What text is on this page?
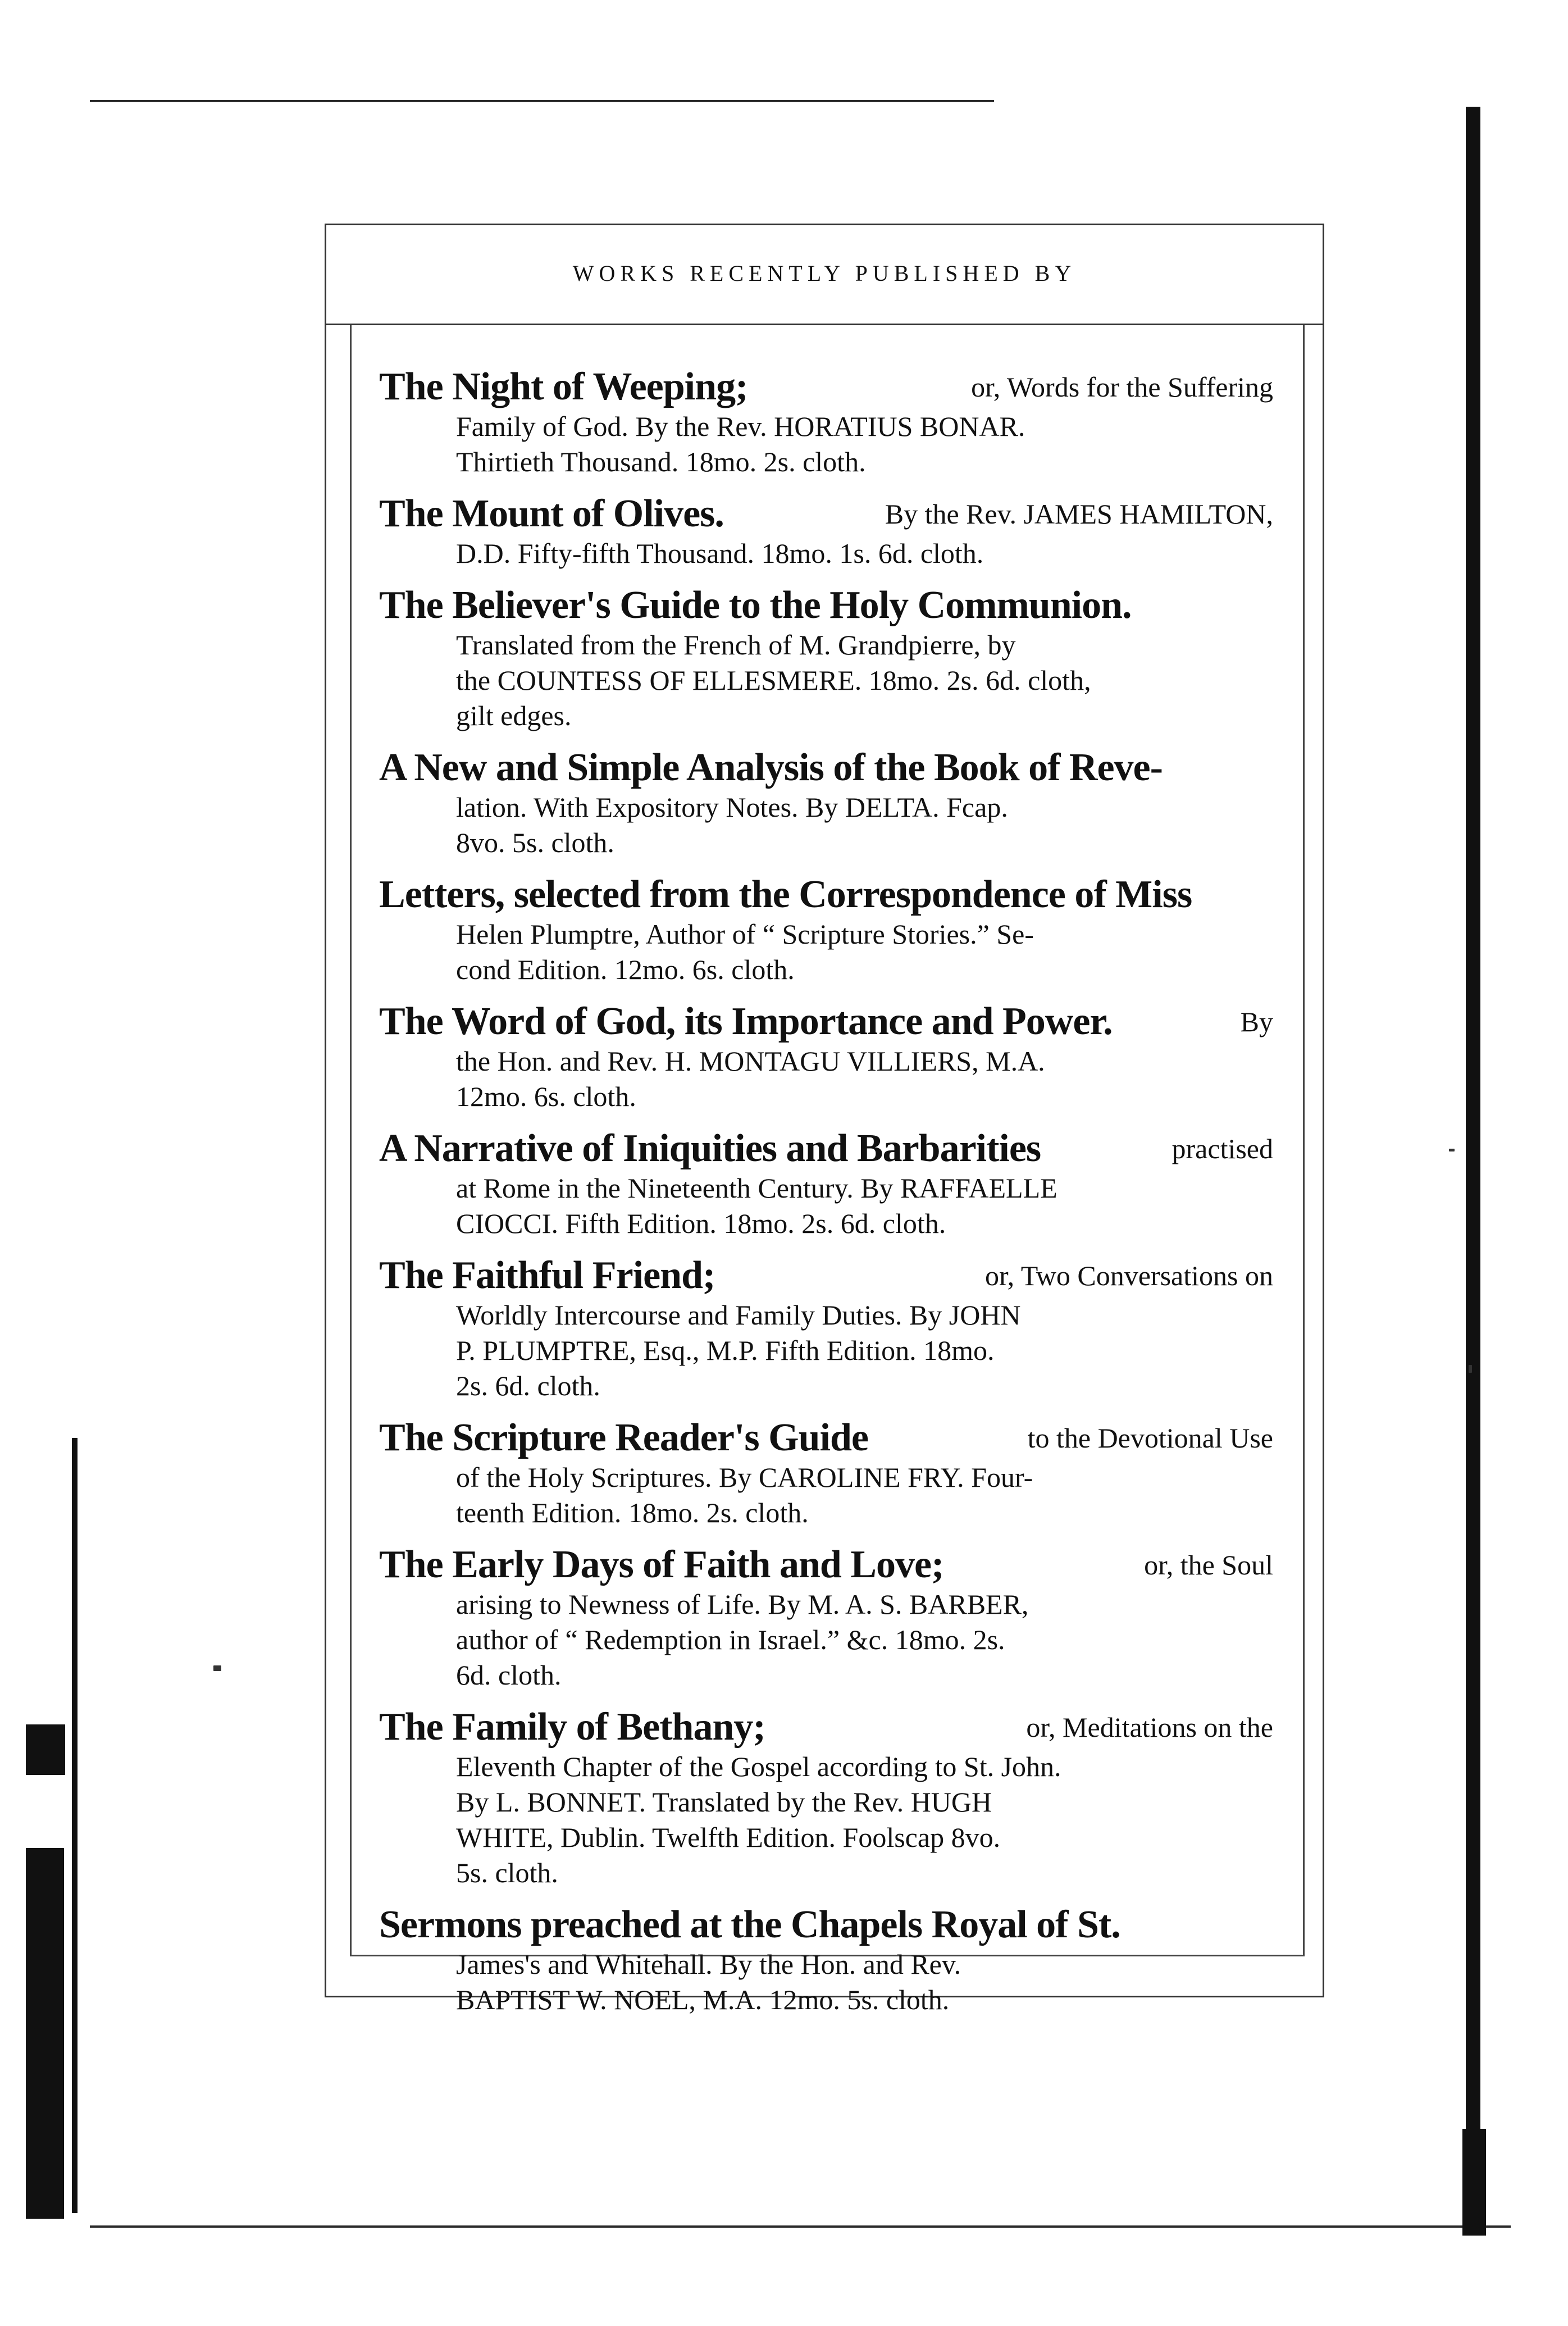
WORKS RECENTLY PUBLISHED BY
The Night of Weeping;	or, Words for the Suffering
Family of God. By the Rev. HORATIUS BONAR.
Thirtieth Thousand. 18mo. 2s. cloth.
The Mount of Olives.	By the Rev. JAMES HAMILTON,
D.D. Fifty-fifth Thousand. 18mo. 1s. 6d. cloth.
The Believer's Guide to the Holy Communion.
Translated from the French of M. Grandpierre, by
the COUNTESS OF ELLESMERE. 18mo. 2s. 6d. cloth,
gilt edges.
A New and Simple Analysis of the Book of Reve-
lation. With Expository Notes. By DELTA. Fcap.
8vo. 5s. cloth.
Letters, selected from the Correspondence of Miss
Helen Plumptre, Author of “ Scripture Stories.” Se-
cond Edition. 12mo. 6s. cloth.
The Word of God, its Importance and Power.	By
the Hon. and Rev. H. MONTAGU VILLIERS, M.A.
12mo. 6s. cloth.
A Narrative of Iniquities and Barbarities	practised
at Rome in the Nineteenth Century. By RAFFAELLE
CIOCCI. Fifth Edition. 18mo. 2s. 6d. cloth.
The Faithful Friend;	or, Two Conversations on
Worldly Intercourse and Family Duties. By JOHN
P. PLUMPTRE, Esq., M.P. Fifth Edition. 18mo.
2s. 6d. cloth.
The Scripture Reader's Guide	to the Devotional Use
of the Holy Scriptures. By CAROLINE FRY. Four-
teenth Edition. 18mo. 2s. cloth.
The Early Days of Faith and Love;	or, the Soul
arising to Newness of Life. By M. A. S. BARBER,
author of “ Redemption in Israel.” &c. 18mo. 2s.
6d. cloth.
The Family of Bethany;	or, Meditations on the
Eleventh Chapter of the Gospel according to St. John.
By L. BONNET. Translated by the Rev. HUGH
WHITE, Dublin. Twelfth Edition. Foolscap 8vo.
5s. cloth.
Sermons preached at the Chapels Royal of St.
James's and Whitehall. By the Hon. and Rev.
BAPTIST W. NOEL, M.A. 12mo. 5s. cloth.
